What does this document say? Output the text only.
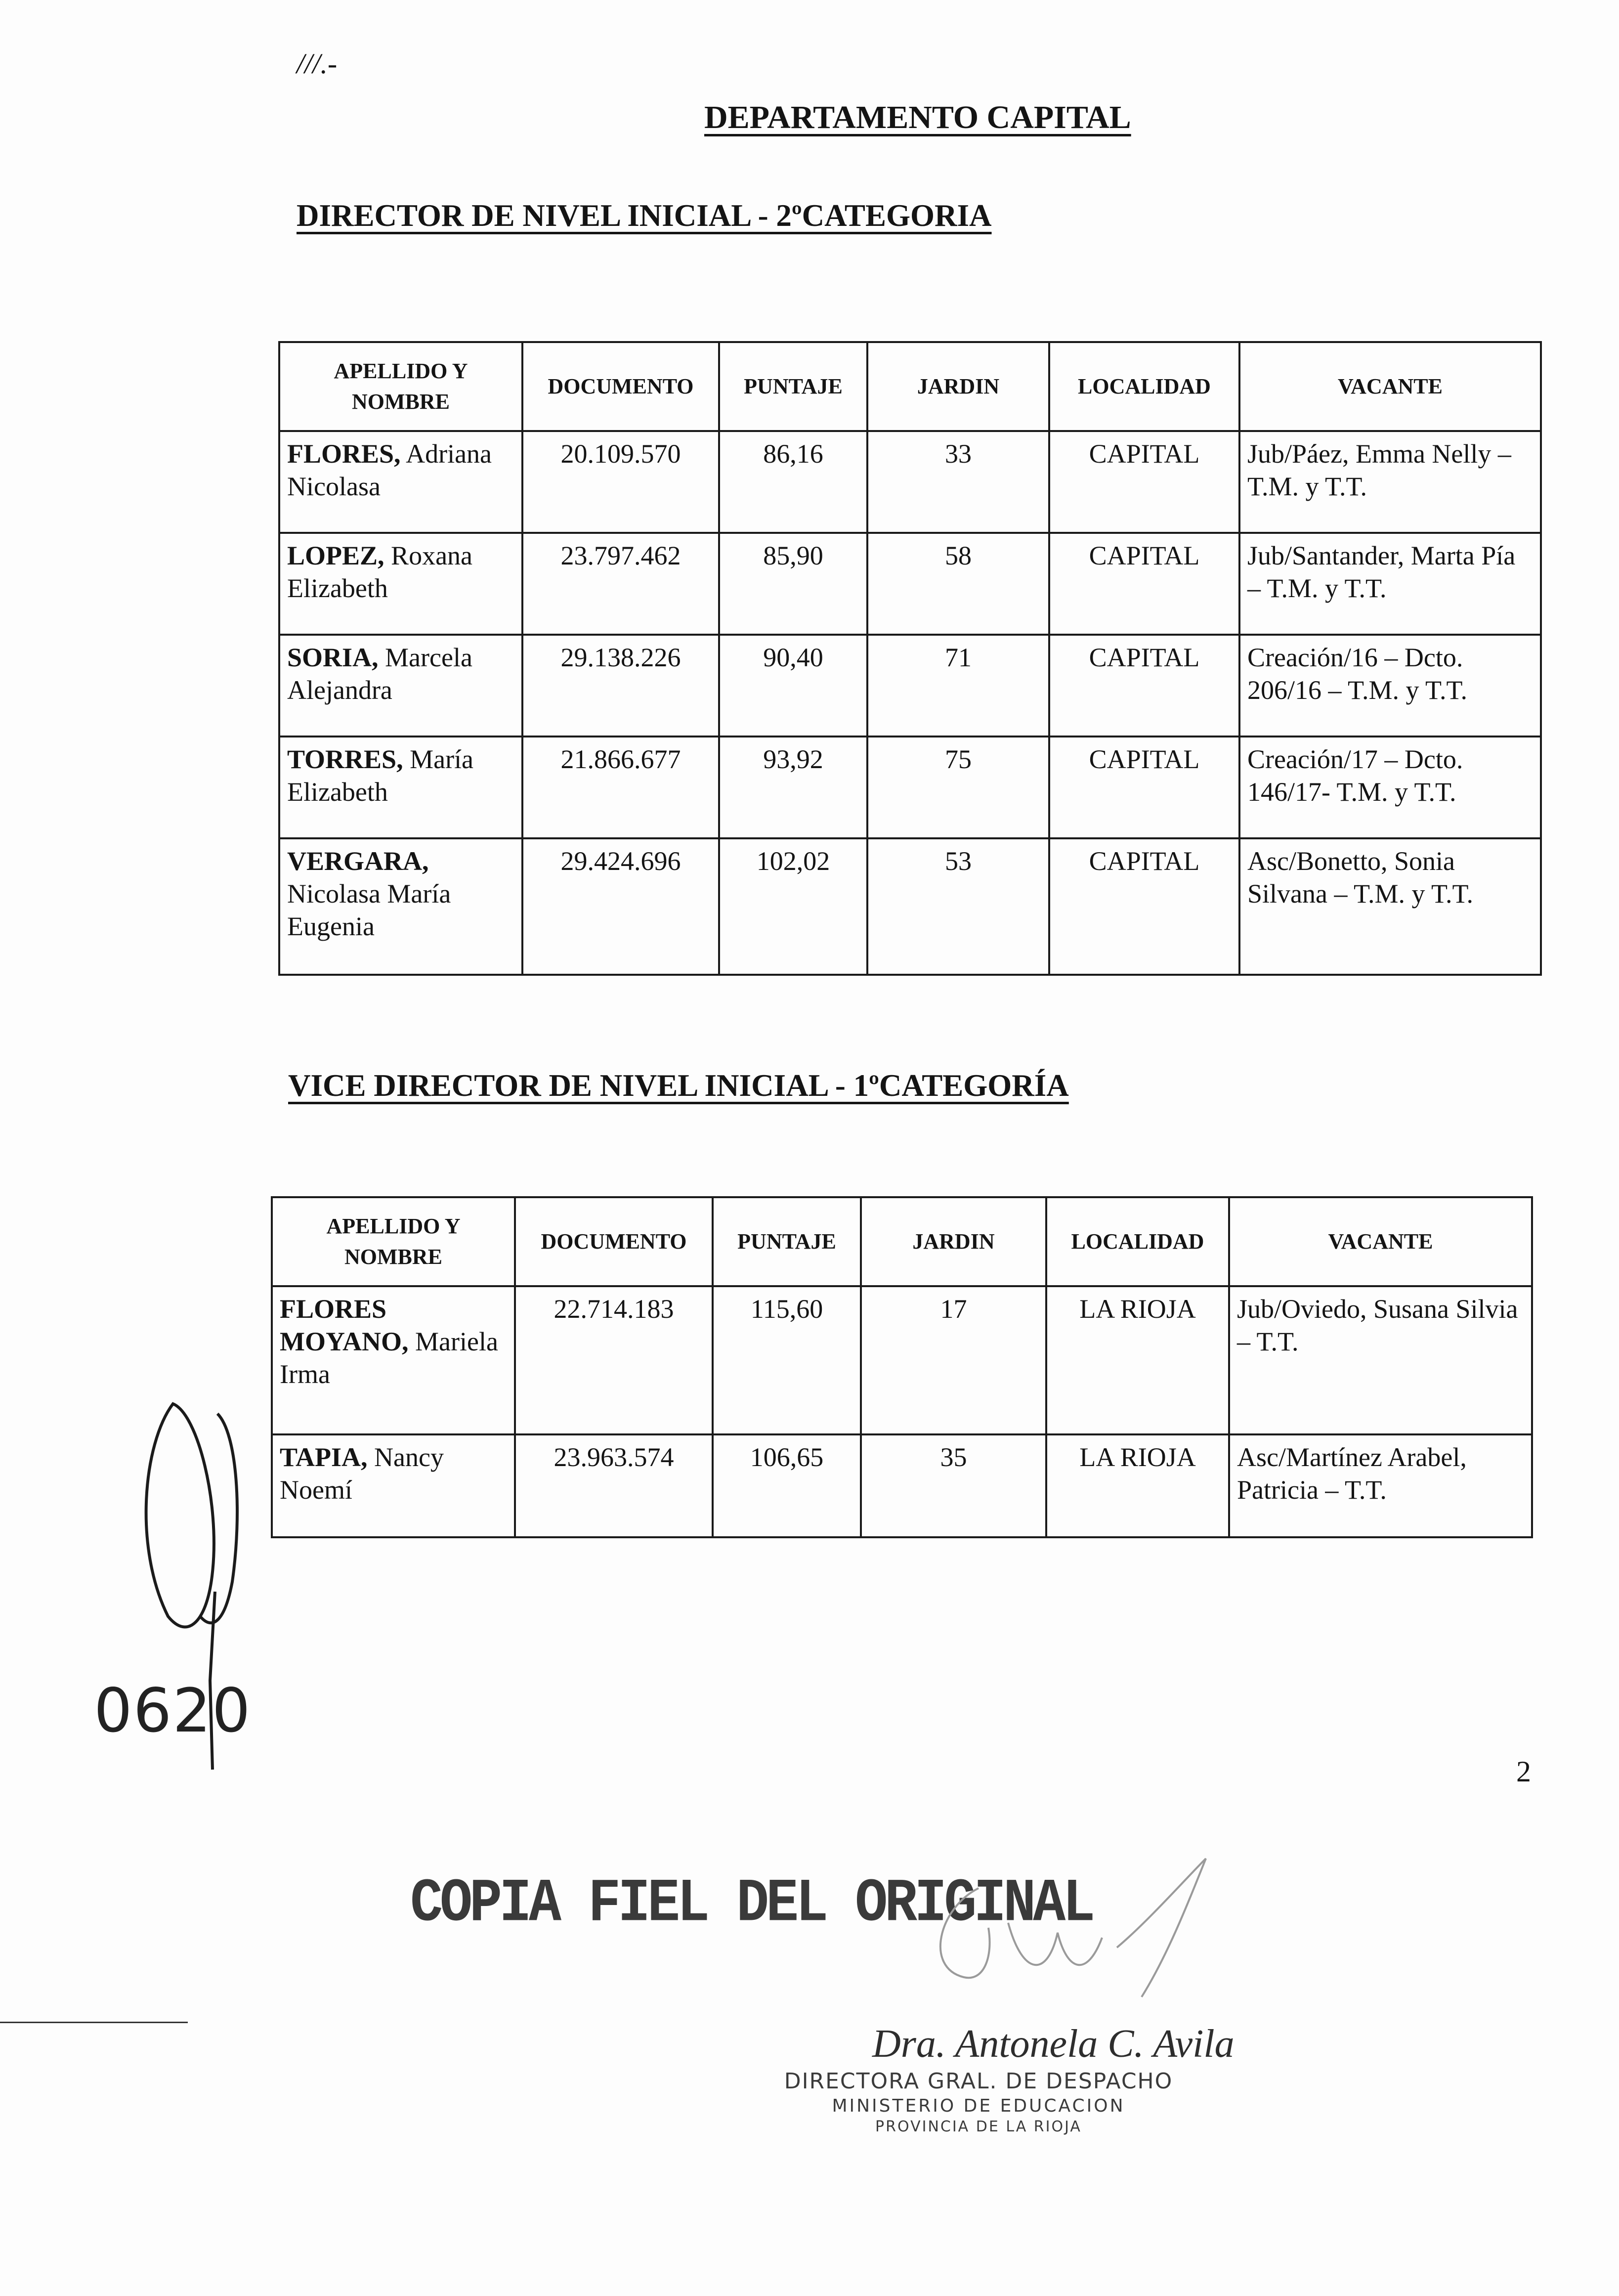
///.-
DEPARTAMENTO CAPITAL
DIRECTOR DE NIVEL INICIAL - 2ºCATEGORIA
APELLIDO Y NOMBRE	DOCUMENTO	PUNTAJE	JARDIN	LOCALIDAD	VACANTE
FLORES, Adriana Nicolasa	20.109.570	86,16	33	CAPITAL	Jub/Páez, Emma Nelly – T.M. y T.T.
LOPEZ, Roxana Elizabeth	23.797.462	85,90	58	CAPITAL	Jub/Santander, Marta Pía – T.M. y T.T.
SORIA, Marcela Alejandra	29.138.226	90,40	71	CAPITAL	Creación/16 – Dcto. 206/16 – T.M. y T.T.
TORRES, María Elizabeth	21.866.677	93,92	75	CAPITAL	Creación/17 – Dcto. 146/17- T.M. y T.T.
VERGARA, Nicolasa María Eugenia	29.424.696	102,02	53	CAPITAL	Asc/Bonetto, Sonia Silvana – T.M. y T.T.
VICE DIRECTOR DE NIVEL INICIAL - 1ºCATEGORÍA
APELLIDO Y NOMBRE	DOCUMENTO	PUNTAJE	JARDIN	LOCALIDAD	VACANTE
FLORES MOYANO, Mariela Irma	22.714.183	115,60	17	LA RIOJA	Jub/Oviedo, Susana Silvia – T.T.
TAPIA, Nancy Noemí	23.963.574	106,65	35	LA RIOJA	Asc/Martínez Arabel, Patricia – T.T.
0620
2
COPIA FIEL DEL ORIGINAL
Dra. Antonela C. Avila
DIRECTORA GRAL. DE DESPACHO
MINISTERIO DE EDUCACION
PROVINCIA DE LA RIOJA
